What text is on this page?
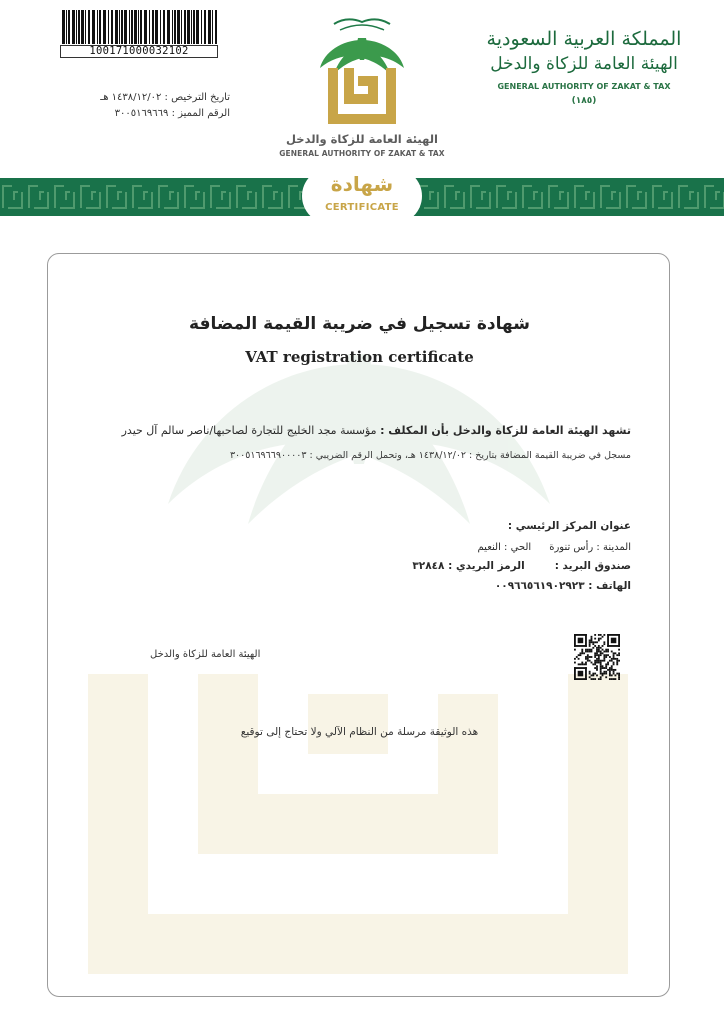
100171000032102
تاريخ الترخيص : ١٤٣٨/١٢/٠٢ هـ
الرقم المميز : ٣٠٠٥١٦٩٦٦٩
الهيئة العامة للزكاة والدخل
GENERAL AUTHORITY OF ZAKAT & TAX
المملكة العربية السعودية
الهيئة العامة للزكاة والدخل
GENERAL AUTHORITY OF ZAKAT & TAX
(١٨٥)
شهادة
CERTIFICATE
شهادة تسجيل في ضريبة القيمة المضافة
VAT registration certificate
تشهد الهيئة العامة للزكاة والدخل بأن المكلف : مؤسسة مجد الخليج للتجارة لصاحبها/ناصر سالم آل حيدر
مسجل في ضريبة القيمة المضافة بتاريخ : ١٤٣٨/١٢/٠٢ هـ، وتحمل الرقم الضريبي : ٣٠٠٥١٦٩٦٦٩٠٠٠٠٣
عنوان المركز الرئيسي :
المدينة : رأس تنورةالحي : النعيم
صندوق البريد :الرمز البريدي : ٣٢٨٤٨
الهاتف : ٠٠٩٦٦٥٦١٩٠٢٩٢٣
الهيئة العامة للزكاة والدخل
هذه الوثيقة مرسلة من النظام الآلي ولا تحتاج إلى توقيع
